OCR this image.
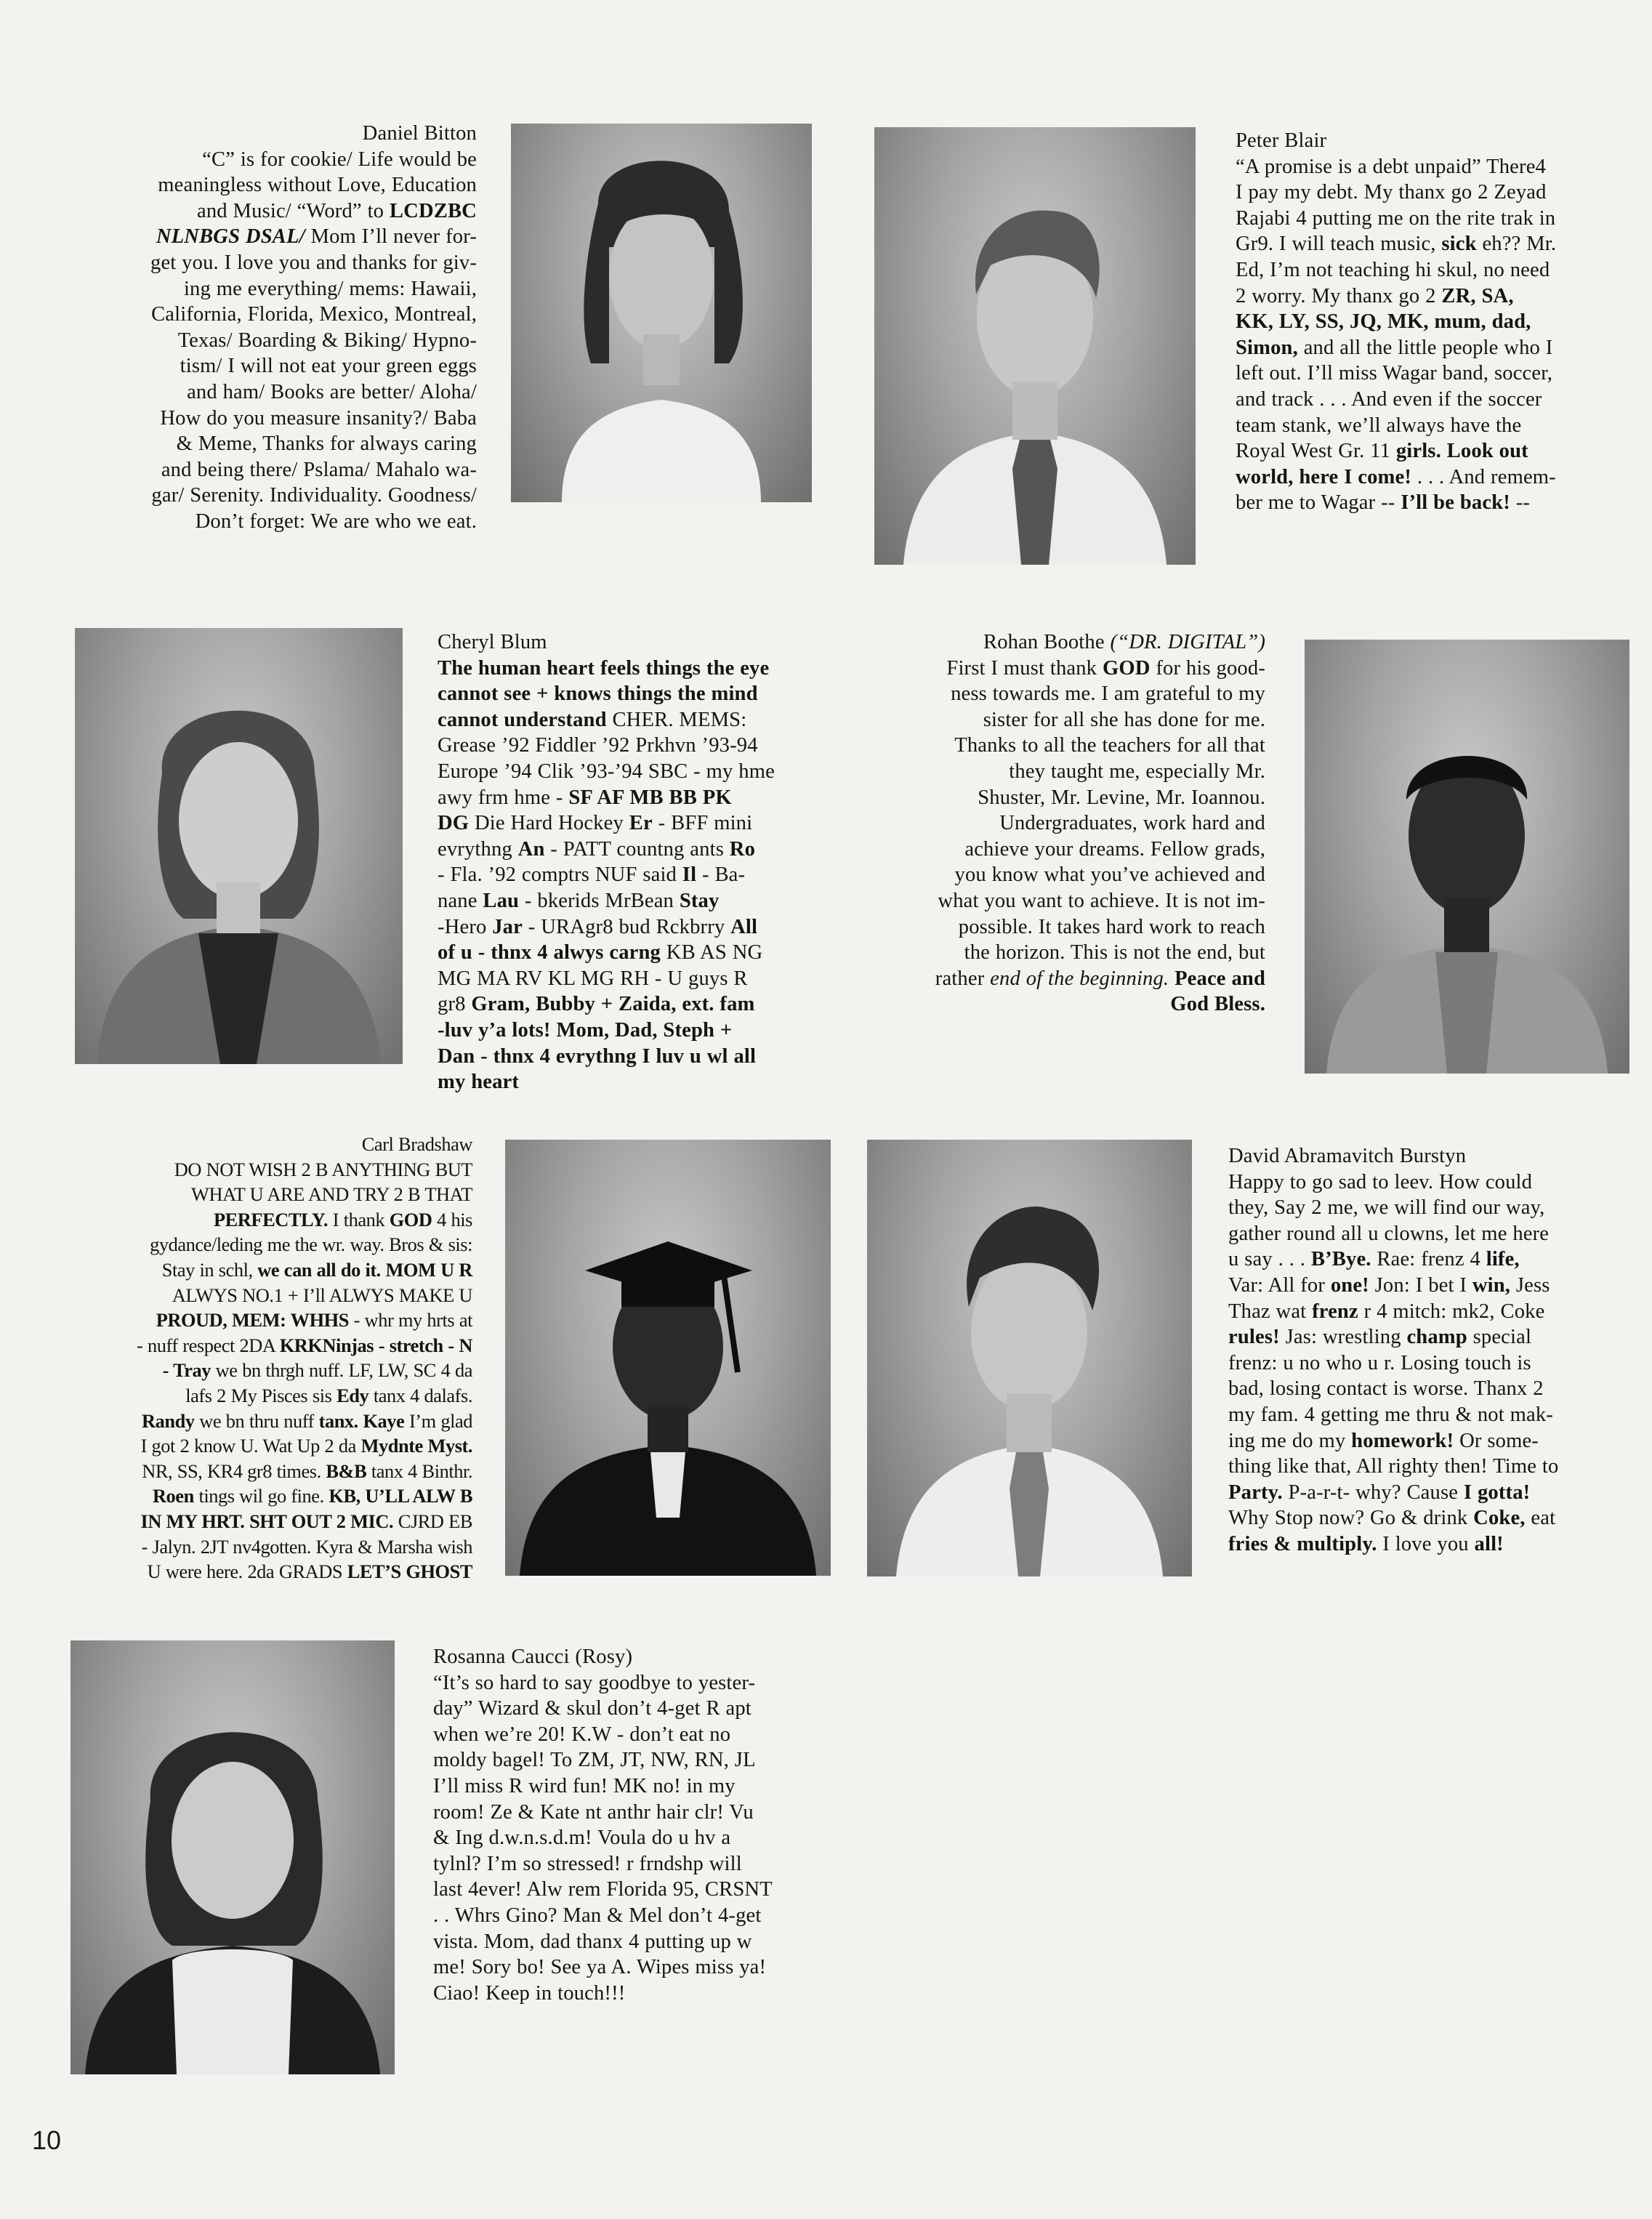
Daniel Bitton
“C” is for cookie/ Life would be
meaningless without Love, Education
and Music/ “Word” to LCDZBC
NLNBGS DSAL/ Mom I’ll never for-
get you. I love you and thanks for giv-
ing me everything/ mems: Hawaii,
California, Florida, Mexico, Montreal,
Texas/ Boarding & Biking/ Hypno-
tism/ I will not eat your green eggs
and ham/ Books are better/ Aloha/
How do you measure insanity?/ Baba
& Meme, Thanks for always caring
and being there/ Pslama/ Mahalo wa-
gar/ Serenity. Individuality. Goodness/
Don’t forget: We are who we eat.
Peter Blair
“A promise is a debt unpaid” There4
I pay my debt. My thanx go 2 Zeyad
Rajabi 4 putting me on the rite trak in
Gr9. I will teach music, sick eh?? Mr.
Ed, I’m not teaching hi skul, no need
2 worry. My thanx go 2 ZR, SA,
KK, LY, SS, JQ, MK, mum, dad,
Simon, and all the little people who I
left out. I’ll miss Wagar band, soccer,
and track . . . And even if the soccer
team stank, we’ll always have the
Royal West Gr. 11 girls. Look out
world, here I come! . . . And remem-
ber me to Wagar -- I’ll be back! --
Cheryl Blum
The human heart feels things the eye
cannot see + knows things the mind
cannot understand CHER. MEMS:
Grease ’92 Fiddler ’92 Prkhvn ’93-94
Europe ’94 Clik ’93-’94 SBC - my hme
awy frm hme - SF AF MB BB PK
DG Die Hard Hockey Er - BFF mini
evrythng An - PATT countng ants Ro
- Fla. ’92 comptrs NUF said Il - Ba-
nane Lau - bkerids MrBean Stay
-Hero Jar - URAgr8 bud Rckbrry All
of u - thnx 4 alwys carng KB AS NG
MG MA RV KL MG RH - U guys R
gr8 Gram, Bubby + Zaida, ext. fam
-luv y’a lots! Mom, Dad, Steph +
Dan - thnx 4 evrythng I luv u wl all
my heart
Rohan Boothe (“DR. DIGITAL”)
First I must thank GOD for his good-
ness towards me. I am grateful to my
sister for all she has done for me.
Thanks to all the teachers for all that
they taught me, especially Mr.
Shuster, Mr. Levine, Mr. Ioannou.
Undergraduates, work hard and
achieve your dreams. Fellow grads,
you know what you’ve achieved and
what you want to achieve. It is not im-
possible. It takes hard work to reach
the horizon. This is not the end, but
rather end of the beginning. Peace and
God Bless.
Carl Bradshaw
DO NOT WISH 2 B ANYTHING BUT
WHAT U ARE AND TRY 2 B THAT
PERFECTLY. I thank GOD 4 his
gydance/leding me the wr. way. Bros & sis:
Stay in schl, we can all do it. MOM U R
ALWYS NO.1 + I’ll ALWYS MAKE U
PROUD, MEM: WHHS - whr my hrts at
- nuff respect 2DA KRKNinjas - stretch - N
- Tray we bn thrgh nuff. LF, LW, SC 4 da
lafs 2 My Pisces sis Edy tanx 4 dalafs.
Randy we bn thru nuff tanx. Kaye I’m glad
I got 2 know U. Wat Up 2 da Mydnte Myst.
NR, SS, KR4 gr8 times. B&B tanx 4 Binthr.
Roen tings wil go fine. KB, U’LL ALW B
IN MY HRT. SHT OUT 2 MIC. CJRD EB
- Jalyn. 2JT nv4gotten. Kyra & Marsha wish
U were here. 2da GRADS LET’S GHOST
David Abramavitch Burstyn
Happy to go sad to leev. How could
they, Say 2 me, we will find our way,
gather round all u clowns, let me here
u say . . . B’Bye. Rae: frenz 4 life,
Var: All for one! Jon: I bet I win, Jess
Thaz wat frenz r 4 mitch: mk2, Coke
rules! Jas: wrestling champ special
frenz: u no who u r. Losing touch is
bad, losing contact is worse. Thanx 2
my fam. 4 getting me thru & not mak-
ing me do my homework! Or some-
thing like that, All righty then! Time to
Party. P-a-r-t- why? Cause I gotta!
Why Stop now? Go & drink Coke, eat
fries & multiply. I love you all!
Rosanna Caucci (Rosy)
“It’s so hard to say goodbye to yester-
day” Wizard & skul don’t 4-get R apt
when we’re 20! K.W - don’t eat no
moldy bagel! To ZM, JT, NW, RN, JL
I’ll miss R wird fun! MK no! in my
room! Ze & Kate nt anthr hair clr! Vu
& Ing d.w.n.s.d.m! Voula do u hv a
tylnl? I’m so stressed! r frndshp will
last 4ever! Alw rem Florida 95, CRSNT
. . Whrs Gino? Man & Mel don’t 4-get
vista. Mom, dad thanx 4 putting up w
me! Sory bo! See ya A. Wipes miss ya!
Ciao! Keep in touch!!!
10
